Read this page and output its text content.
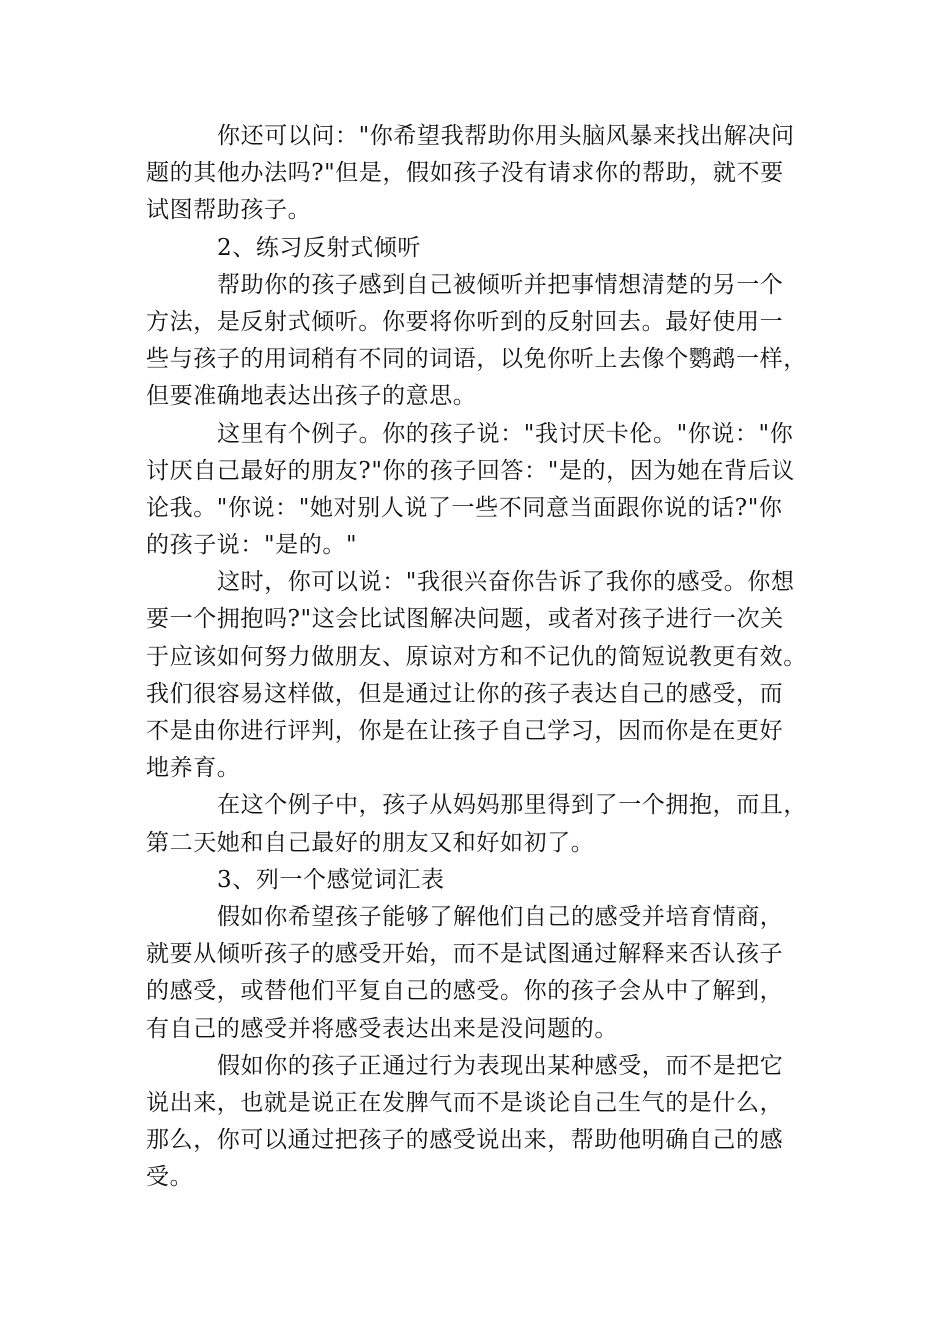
你还可以问："你希望我帮助你用头脑风暴来找出解决问
题的其他办法吗?"但是，假如孩子没有请求你的帮助，就不要
试图帮助孩子。
2、练习反射式倾听
帮助你的孩子感到自己被倾听并把事情想清楚的另一个
方法，是反射式倾听。你要将你听到的反射回去。最好使用一
些与孩子的用词稍有不同的词语，以免你听上去像个鹦鹉一样，
但要准确地表达出孩子的意思。
这里有个例子。你的孩子说："我讨厌卡伦。"你说："你
讨厌自己最好的朋友?"你的孩子回答："是的，因为她在背后议
论我。"你说："她对别人说了一些不同意当面跟你说的话?"你
的孩子说："是的。"
这时，你可以说："我很兴奋你告诉了我你的感受。你想
要一个拥抱吗?"这会比试图解决问题，或者对孩子进行一次关
于应该如何努力做朋友、原谅对方和不记仇的简短说教更有效。
我们很容易这样做，但是通过让你的孩子表达自己的感受，而
不是由你进行评判，你是在让孩子自己学习，因而你是在更好
地养育。
在这个例子中，孩子从妈妈那里得到了一个拥抱，而且，
第二天她和自己最好的朋友又和好如初了。
3、列一个感觉词汇表
假如你希望孩子能够了解他们自己的感受并培育情商，
就要从倾听孩子的感受开始，而不是试图通过解释来否认孩子
的感受，或替他们平复自己的感受。你的孩子会从中了解到，
有自己的感受并将感受表达出来是没问题的。
假如你的孩子正通过行为表现出某种感受，而不是把它
说出来，也就是说正在发脾气而不是谈论自己生气的是什么，
那么，你可以通过把孩子的感受说出来，帮助他明确自己的感
受。
